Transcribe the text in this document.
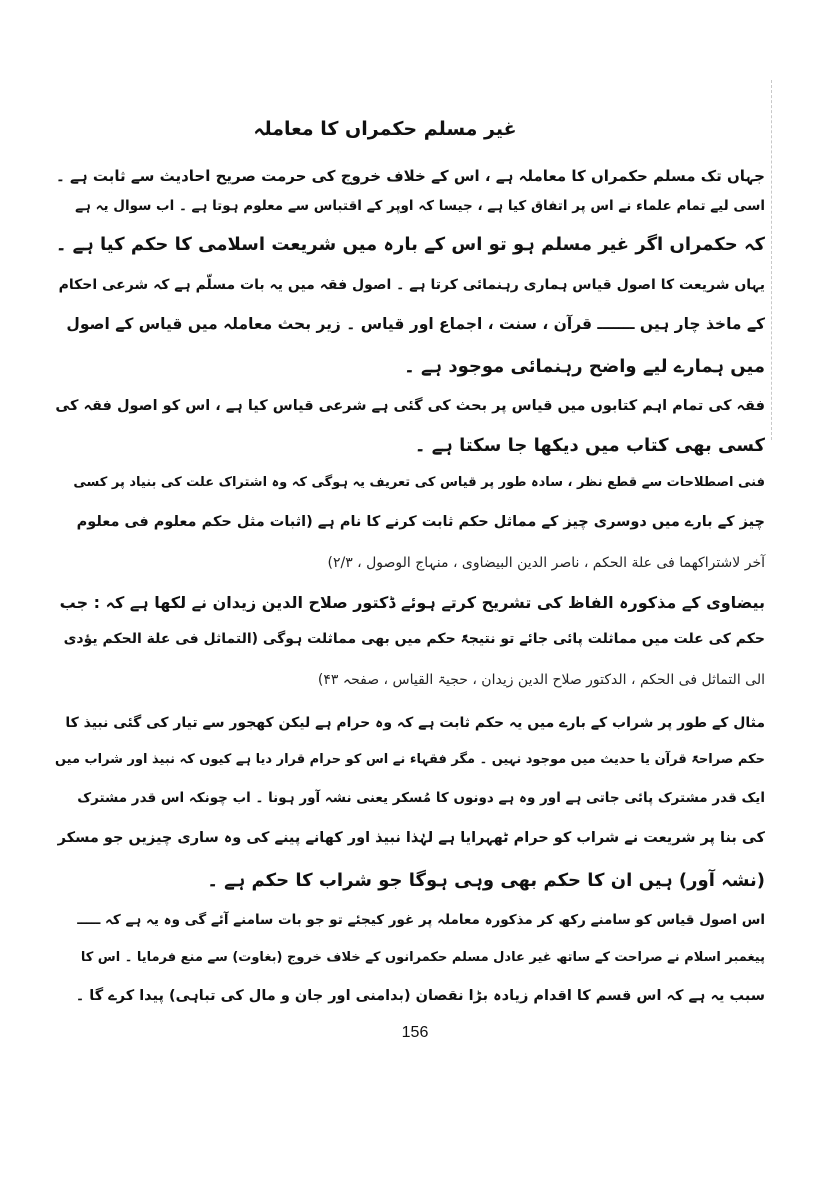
غیر مسلم حکمراں کا معاملہ
جہاں تک مسلم حکمراں کا معاملہ ہے ، اس کے خلاف خروج کی حرمت صریح احادیث سے ثابت ہے ۔
اسی لیے تمام علماء نے اس پر اتفاق کیا ہے ، جیسا کہ اوپر کے اقتباس سے معلوم ہوتا ہے ۔ اب سوال یہ ہے
کہ حکمراں اگر غیر مسلم ہو تو اس کے بارہ میں شریعت اسلامی کا حکم کیا ہے ۔
یہاں شریعت کا اصول قیاس ہماری رہنمائی کرتا ہے ۔ اصول فقہ میں یہ بات مسلّم ہے کہ شرعی احکام
کے ماخذ چار ہیں ـــــــ قرآن ، سنت ، اجماع اور قیاس ۔ زیر بحث معاملہ میں قیاس کے اصول
میں ہمارے لیے واضح رہنمائی موجود ہے ۔
فقہ کی تمام اہم کتابوں میں قیاس پر بحث کی گئی ہے شرعی قیاس کیا ہے ، اس کو اصول فقہ کی
کسی بھی کتاب میں دیکھا جا سکتا ہے ۔
فنی اصطلاحات سے قطع نظر ، سادہ طور پر قیاس کی تعریف یہ ہوگی کہ وہ اشتراک علت کی بنیاد پر کسی
چیز کے بارے میں دوسری چیز کے مماثل حکم ثابت کرنے کا نام ہے (اثبات مثل حکم معلوم فی معلوم
آخر لاشتراکهما فی علة الحکم ، ناصر الدین البیضاوی ، منہاج الوصول ، ۲/۳)
بیضاوی کے مذکورہ الفاظ کی تشریح کرتے ہوئے ڈکتور صلاح الدین زیدان نے لکھا ہے کہ : جب
حکم کی علت میں مماثلت پائی جائے تو نتیجۃً حکم میں بھی مماثلت ہوگی (التماثل فی علة الحکم یؤدی
الی التماثل فی الحکم ، الدکتور صلاح الدین زیدان ، حجیۃ القیاس ، صفحہ ۴۳)
مثال کے طور پر شراب کے بارے میں یہ حکم ثابت ہے کہ وہ حرام ہے لیکن کھجور سے تیار کی گئی نبیذ کا
حکم صراحۃً قرآن یا حدیث میں موجود نہیں ۔ مگر فقہاء نے اس کو حرام قرار دیا ہے کیوں کہ نبیذ اور شراب میں
ایک قدر مشترک پائی جاتی ہے اور وہ ہے دونوں کا مُسکر یعنی نشہ آور ہونا ۔ اب چونکہ اس قدر مشترک
کی بنا پر شریعت نے شراب کو حرام ٹھہرایا ہے لہٰذا نبیذ اور کھانے پینے کی وہ ساری چیزیں جو مسکر
(نشہ آور) ہیں ان کا حکم بھی وہی ہوگا جو شراب کا حکم ہے ۔
اس اصول قیاس کو سامنے رکھ کر مذکورہ معاملہ پر غور کیجئے تو جو بات سامنے آئے گی وہ یہ ہے کہ ـــــ
پیغمبر اسلام نے صراحت کے ساتھ غیر عادل مسلم حکمرانوں کے خلاف خروج (بغاوت) سے منع فرمایا ۔ اس کا
سبب یہ ہے کہ اس قسم کا اقدام زیادہ بڑا نقصان (بدامنی اور جان و مال کی تباہی) پیدا کرے گا ۔
156
